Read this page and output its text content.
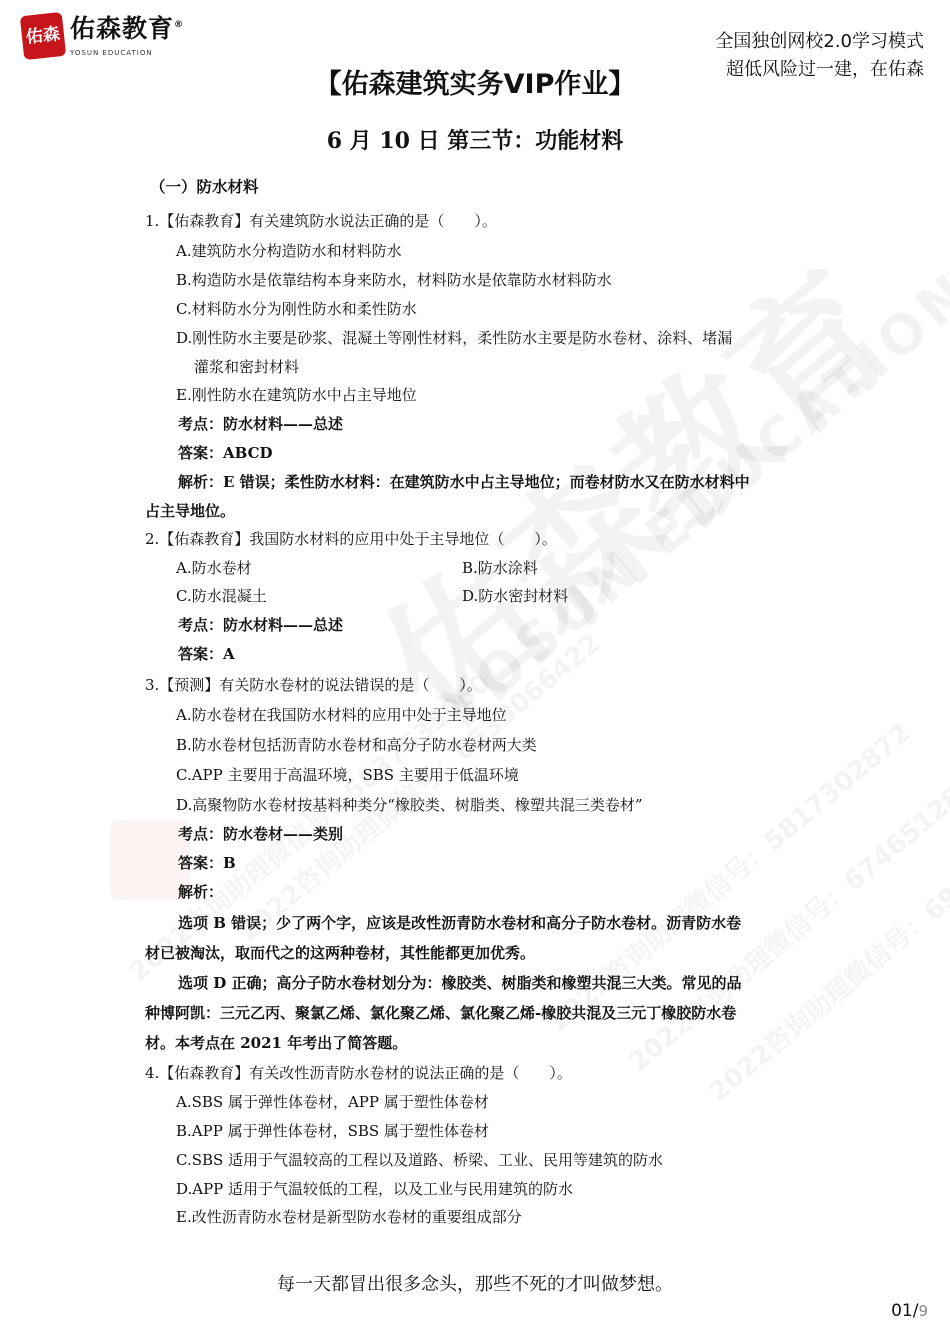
佑森 佑森教育®
YOSUN EDUCATION
全国独创网校2.0学习模式
超低风险过一建，在佑森
【佑森建筑实务VIP作业】
6 月 10 日 第三节：功能材料
（一）防水材料
1.【佑森教育】有关建筑防水说法正确的是（　　）。
A.建筑防水分构造防水和材料防水
B.构造防水是依靠结构本身来防水，材料防水是依靠防水材料防水
C.材料防水分为刚性防水和柔性防水
D.刚性防水主要是砂浆、混凝土等刚性材料，柔性防水主要是防水卷材、涂料、堵漏
灌浆和密封材料
E.刚性防水在建筑防水中占主导地位
考点：防水材料——总述
答案：ABCD
解析：E 错误；柔性防水材料：在建筑防水中占主导地位；而卷材防水又在防水材料中
占主导地位。
2.【佑森教育】我国防水材料的应用中处于主导地位（　　）。
A.防水卷材	B.防水涂料
C.防水混凝土	D.防水密封材料
考点：防水材料——总述
答案：A
3.【预测】有关防水卷材的说法错误的是（　　）。
A.防水卷材在我国防水材料的应用中处于主导地位
B.防水卷材包括沥青防水卷材和高分子防水卷材两大类
C.APP 主要用于高温环境，SBS 主要用于低温环境
D.高聚物防水卷材按基料种类分“橡胶类、树脂类、橡塑共混三类卷材”
考点：防水卷材——类别
答案：B
解析：
选项 B 错误；少了两个字，应该是改性沥青防水卷材和高分子防水卷材。沥青防水卷
材已被淘汰，取而代之的这两种卷材，其性能都更加优秀。
选项 D 正确；高分子防水卷材划分为：橡胶类、树脂类和橡塑共混三大类。常见的品
种博阿凯：三元乙丙、聚氯乙烯、氯化聚乙烯、氯化聚乙烯-橡胶共混及三元丁橡胶防水卷
材。本考点在 2021 年考出了简答题。
4.【佑森教育】有关改性沥青防水卷材的说法正确的是（　　）。
A.SBS 属于弹性体卷材，APP 属于塑性体卷材
B.APP 属于弹性体卷材，SBS 属于塑性体卷材
C.SBS 适用于气温较高的工程以及道路、桥梁、工业、民用等建筑的防水
D.APP 适用于气温较低的工程，以及工业与民用建筑的防水
E.改性沥青防水卷材是新型防水卷材的重要组成部分
每一天都冒出很多念头，那些不死的才叫做梦想。
01/9
